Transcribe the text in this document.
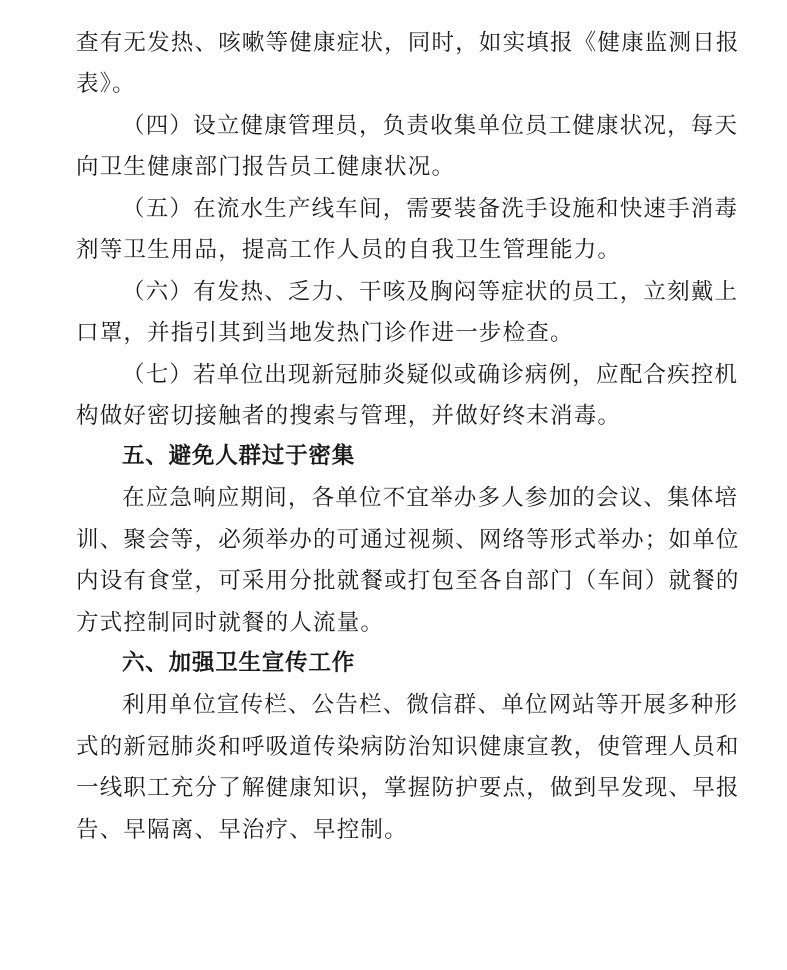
查有无发热、咳嗽等健康症状，同时，如实填报《健康监测日报
表》。
（四）设立健康管理员，负责收集单位员工健康状况，每天
向卫生健康部门报告员工健康状况。
（五）在流水生产线车间，需要装备洗手设施和快速手消毒
剂等卫生用品，提高工作人员的自我卫生管理能力。
（六）有发热、乏力、干咳及胸闷等症状的员工，立刻戴上
口罩，并指引其到当地发热门诊作进一步检查。
（七）若单位出现新冠肺炎疑似或确诊病例，应配合疾控机
构做好密切接触者的搜索与管理，并做好终末消毒。
五、避免人群过于密集
在应急响应期间，各单位不宜举办多人参加的会议、集体培
训、聚会等，必须举办的可通过视频、网络等形式举办；如单位
内设有食堂，可采用分批就餐或打包至各自部门（车间）就餐的
方式控制同时就餐的人流量。
六、加强卫生宣传工作
利用单位宣传栏、公告栏、微信群、单位网站等开展多种形
式的新冠肺炎和呼吸道传染病防治知识健康宣教，使管理人员和
一线职工充分了解健康知识，掌握防护要点，做到早发现、早报
告、早隔离、早治疗、早控制。
